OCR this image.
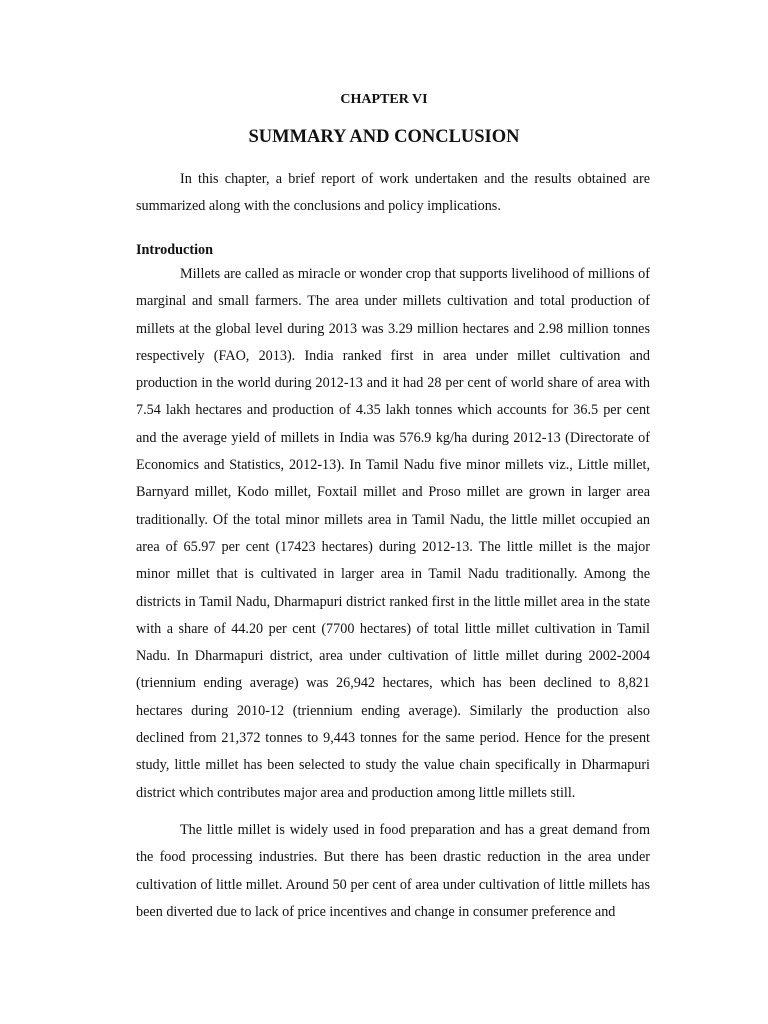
CHAPTER VI
SUMMARY AND CONCLUSION

In this chapter, a brief report of work undertaken and the results obtained are summarized along with the conclusions and policy implications.

Introduction

Millets are called as miracle or wonder crop that supports livelihood of millions of marginal and small farmers. The area under millets cultivation and total production of millets at the global level during 2013 was 3.29 million hectares and 2.98 million tonnes respectively (FAO, 2013). India ranked first in area under millet cultivation and production in the world during 2012-13 and it had 28 per cent of world share of area with 7.54 lakh hectares and production of 4.35 lakh tonnes which accounts for 36.5 per cent and the average yield of millets in India was 576.9 kg/ha during 2012-13 (Directorate of Economics and Statistics, 2012-13). In Tamil Nadu five minor millets viz., Little millet, Barnyard millet, Kodo millet, Foxtail millet and Proso millet are grown in larger area traditionally. Of the total minor millets area in Tamil Nadu, the little millet occupied an area of 65.97 per cent (17423 hectares) during 2012-13. The little millet is the major minor millet that is cultivated in larger area in Tamil Nadu traditionally. Among the districts in Tamil Nadu, Dharmapuri district ranked first in the little millet area in the state with a share of 44.20 per cent (7700 hectares) of total little millet cultivation in Tamil Nadu. In Dharmapuri district, area under cultivation of little millet during 2002-2004 (triennium ending average) was 26,942 hectares, which has been declined to 8,821 hectares during 2010-12 (triennium ending average). Similarly the production also declined from 21,372 tonnes to 9,443 tonnes for the same period. Hence for the present study, little millet has been selected to study the value chain specifically in Dharmapuri district which contributes major area and production among little millets still.

The little millet is widely used in food preparation and has a great demand from the food processing industries. But there has been drastic reduction in the area under cultivation of little millet. Around 50 per cent of area under cultivation of little millets has been diverted due to lack of price incentives and change in consumer preference and
